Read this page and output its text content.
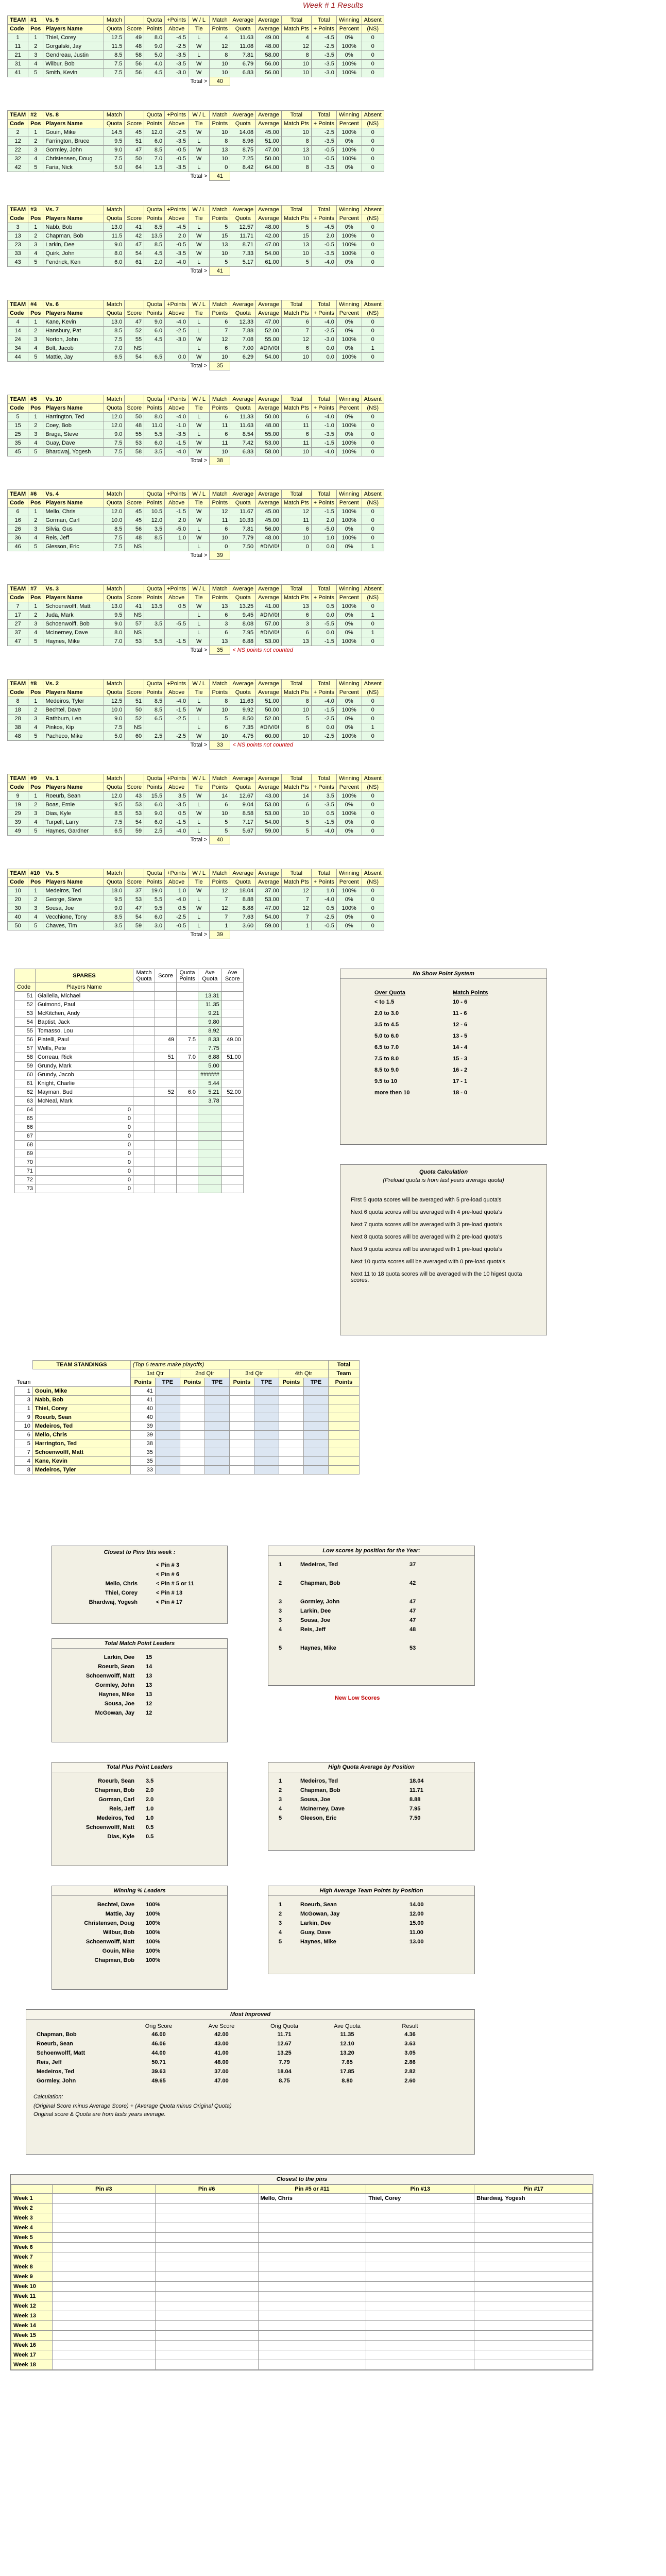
Week # 1 Results
TEAM	#1	Vs. 9	Match		Quota	+Points	W / L	Match	Average	Average	Total	Total	Winning	Absent
Code	Pos	Players Name	Quota	Score	Points	Above	Tie	Points	Quota	Average	Match Pts	+ Points	Percent	(NS)
1	1	Thiel, Corey	12.5	49	8.0	-4.5	L	4	11.63	49.00	4	-4.5	0%	0
11	2	Gorgalski, Jay	11.5	48	9.0	-2.5	W	12	11.08	48.00	12	-2.5	100%	0
21	3	Gendreau, Justin	8.5	58	5.0	-3.5	L	8	7.81	58.00	8	-3.5	0%	0
31	4	Wilbur, Bob	7.5	56	4.0	-3.5	W	10	6.79	56.00	10	-3.5	100%	0
41	5	Smith, Kevin	7.5	56	4.5	-3.0	W	10	6.83	56.00	10	-3.0	100%	0
							Total >	40						
TEAM	#2	Vs. 8	Match		Quota	+Points	W / L	Match	Average	Average	Total	Total	Winning	Absent
Code	Pos	Players Name	Quota	Score	Points	Above	Tie	Points	Quota	Average	Match Pts	+ Points	Percent	(NS)
2	1	Gouin, Mike	14.5	45	12.0	-2.5	W	10	14.08	45.00	10	-2.5	100%	0
12	2	Farrington, Bruce	9.5	51	6.0	-3.5	L	8	8.96	51.00	8	-3.5	0%	0
22	3	Gormley, John	9.0	47	8.5	-0.5	W	13	8.75	47.00	13	-0.5	100%	0
32	4	Christensen, Doug	7.5	50	7.0	-0.5	W	10	7.25	50.00	10	-0.5	100%	0
42	5	Faria, Nick	5.0	64	1.5	-3.5	L	0	8.42	64.00	8	-3.5	0%	0
							Total >	41						
TEAM	#3	Vs. 7	Match		Quota	+Points	W / L	Match	Average	Average	Total	Total	Winning	Absent
Code	Pos	Players Name	Quota	Score	Points	Above	Tie	Points	Quota	Average	Match Pts	+ Points	Percent	(NS)
3	1	Nabb, Bob	13.0	41	8.5	-4.5	L	5	12.57	48.00	5	-4.5	0%	0
13	2	Chapman, Bob	11.5	42	13.5	2.0	W	15	11.71	42.00	15	2.0	100%	0
23	3	Larkin, Dee	9.0	47	8.5	-0.5	W	13	8.71	47.00	13	-0.5	100%	0
33	4	Quirk, John	8.0	54	4.5	-3.5	W	10	7.33	54.00	10	-3.5	100%	0
43	5	Fendrick, Ken	6.0	61	2.0	-4.0	L	5	5.17	61.00	5	-4.0	0%	0
							Total >	41						
TEAM	#4	Vs. 6	Match		Quota	+Points	W / L	Match	Average	Average	Total	Total	Winning	Absent
Code	Pos	Players Name	Quota	Score	Points	Above	Tie	Points	Quota	Average	Match Pts	+ Points	Percent	(NS)
4	1	Kane, Kevin	13.0	47	9.0	-4.0	L	6	12.33	47.00	6	-4.0	0%	0
14	2	Hansbury, Pat	8.5	52	6.0	-2.5	L	7	7.88	52.00	7	-2.5	0%	0
24	3	Norton, John	7.5	55	4.5	-3.0	W	12	7.08	55.00	12	-3.0	100%	0
34	4	Bolt, Jacob	7.0	NS			L	6	7.00	#DIV/0!	6	0.0	0%	1
44	5	Mattie, Jay	6.5	54	6.5	0.0	W	10	6.29	54.00	10	0.0	100%	0
							Total >	35						
TEAM	#5	Vs. 10	Match		Quota	+Points	W / L	Match	Average	Average	Total	Total	Winning	Absent
Code	Pos	Players Name	Quota	Score	Points	Above	Tie	Points	Quota	Average	Match Pts	+ Points	Percent	(NS)
5	1	Harrington, Ted	12.0	50	8.0	-4.0	L	6	11.33	50.00	6	-4.0	0%	0
15	2	Coey, Bob	12.0	48	11.0	-1.0	W	11	11.63	48.00	11	-1.0	100%	0
25	3	Braga, Steve	9.0	55	5.5	-3.5	L	6	8.54	55.00	6	-3.5	0%	0
35	4	Guay, Dave	7.5	53	6.0	-1.5	W	11	7.42	53.00	11	-1.5	100%	0
45	5	Bhardwaj, Yogesh	7.5	58	3.5	-4.0	W	10	6.83	58.00	10	-4.0	100%	0
							Total >	38						
TEAM	#6	Vs. 4	Match		Quota	+Points	W / L	Match	Average	Average	Total	Total	Winning	Absent
Code	Pos	Players Name	Quota	Score	Points	Above	Tie	Points	Quota	Average	Match Pts	+ Points	Percent	(NS)
6	1	Mello, Chris	12.0	45	10.5	-1.5	W	12	11.67	45.00	12	-1.5	100%	0
16	2	Gorman, Carl	10.0	45	12.0	2.0	W	11	10.33	45.00	11	2.0	100%	0
26	3	Silvia, Gus	8.5	56	3.5	-5.0	L	6	7.81	56.00	6	-5.0	0%	0
36	4	Reis, Jeff	7.5	48	8.5	1.0	W	10	7.79	48.00	10	1.0	100%	0
46	5	Glesson, Eric	7.5	NS			L	0	7.50	#DIV/0!	0	0.0	0%	1
							Total >	39						
TEAM	#7	Vs. 3	Match		Quota	+Points	W / L	Match	Average	Average	Total	Total	Winning	Absent
Code	Pos	Players Name	Quota	Score	Points	Above	Tie	Points	Quota	Average	Match Pts	+ Points	Percent	(NS)
7	1	Schoenwolff, Matt	13.0	41	13.5	0.5	W	13	13.25	41.00	13	0.5	100%	0
17	2	Juda, Mark	9.5	NS			L	6	9.45	#DIV/0!	6	0.0	0%	1
27	3	Schoenwolff, Bob	9.0	57	3.5	-5.5	L	3	8.08	57.00	3	-5.5	0%	0
37	4	McInerney, Dave	8.0	NS			L	6	7.95	#DIV/0!	6	0.0	0%	1
47	5	Haynes, Mike	7.0	53	5.5	-1.5	W	13	6.88	53.00	13	-1.5	100%	0
							Total >	35	< NS points not counted					
TEAM	#8	Vs. 2	Match		Quota	+Points	W / L	Match	Average	Average	Total	Total	Winning	Absent
Code	Pos	Players Name	Quota	Score	Points	Above	Tie	Points	Quota	Average	Match Pts	+ Points	Percent	(NS)
8	1	Medeiros, Tyler	12.5	51	8.5	-4.0	L	8	11.63	51.00	8	-4.0	0%	0
18	2	Bechtel, Dave	10.0	50	8.5	-1.5	W	10	9.92	50.00	10	-1.5	100%	0
28	3	Rathburn, Len	9.0	52	6.5	-2.5	L	5	8.50	52.00	5	-2.5	0%	0
38	4	Pinkos, Kip	7.5	NS			L	6	7.35	#DIV/0!	6	0.0	0%	1
48	5	Pacheco, Mike	5.0	60	2.5	-2.5	W	10	4.75	60.00	10	-2.5	100%	0
							Total >	33	< NS points not counted					
TEAM	#9	Vs. 1	Match		Quota	+Points	W / L	Match	Average	Average	Total	Total	Winning	Absent
Code	Pos	Players Name	Quota	Score	Points	Above	Tie	Points	Quota	Average	Match Pts	+ Points	Percent	(NS)
9	1	Roeurb, Sean	12.0	43	15.5	3.5	W	14	12.67	43.00	14	3.5	100%	0
19	2	Boas, Ernie	9.5	53	6.0	-3.5	L	6	9.04	53.00	6	-3.5	0%	0
29	3	Dias, Kyle	8.5	53	9.0	0.5	W	10	8.58	53.00	10	0.5	100%	0
39	4	Turpell, Larry	7.5	54	6.0	-1.5	L	5	7.17	54.00	5	-1.5	0%	0
49	5	Haynes, Gardner	6.5	59	2.5	-4.0	L	5	5.67	59.00	5	-4.0	0%	0
							Total >	40						
TEAM	#10	Vs. 5	Match		Quota	+Points	W / L	Match	Average	Average	Total	Total	Winning	Absent
Code	Pos	Players Name	Quota	Score	Points	Above	Tie	Points	Quota	Average	Match Pts	+ Points	Percent	(NS)
10	1	Medeiros, Ted	18.0	37	19.0	1.0	W	12	18.04	37.00	12	1.0	100%	0
20	2	George, Steve	9.5	53	5.5	-4.0	L	7	8.88	53.00	7	-4.0	0%	0
30	3	Sousa, Joe	9.0	47	9.5	0.5	W	12	8.88	47.00	12	0.5	100%	0
40	4	Vecchione, Tony	8.5	54	6.0	-2.5	L	7	7.63	54.00	7	-2.5	0%	0
50	5	Chaves, Tim	3.5	59	3.0	-0.5	L	1	3.60	59.00	1	-0.5	0%	0
							Total >	39						
	SPARES	Match Quota	Score	Quota Points	Ave Quota	Ave Score
Code	Players Name					
51	Giallella, Michael				13.31	
52	Guimond, Paul				11.35	
53	McKitchen, Andy				9.21	
54	Baptist, Jack				9.80	
55	Tomasso, Lou				8.92	
56	Piatelli, Paul		49	7.5	8.33	49.00
57	Wells, Pete				7.75	
58	Correau, Rick		51	7.0	6.88	51.00
59	Grundy, Mark				5.00	
60	Grundy, Jacob				######	
61	Knight, Charlie				5.44	
62	Mayman, Bud		52	6.0	5.21	52.00
63	McNeal, Mark				3.78	
64	0					
65	0					
66	0					
67	0					
68	0					
69	0					
70	0					
71	0					
72	0					
73	0					
No Show Point System
Over Quota	Match Points
< to 1.5	10 - 6
2.0 to 3.0	11 - 6
3.5 to 4.5	12 - 6
5.0 to 6.0	13 - 5
6.5 to 7.0	14 - 4
7.5 to 8.0	15 - 3
8.5 to 9.0	16 - 2
9.5 to 10	17 - 1
more then 10	18 - 0
Quota Calculation
(Preload quota is from last years average quota)
First 5 quota scores will be averaged with 5 pre-load quota's
Next 6 quota scores will be averaged with 4 pre-load quota's
Next 7 quota scores will be averaged with 3 pre-load quota's
Next 8 quota scores will be averaged with 2 pre-load quota's
Next 9 quota scores will be averaged with 1 pre-load quota's
Next 10 quota scores will be averaged with 0 pre-load quota's
Next 11 to 18 quota scores will be averaged with the 10 higest quota scores.
	TEAM STANDINGS	(Top 6 teams make playoffs)								Total
		1st Qtr		2nd Qtr		3rd Qtr		4th Qtr		Team
Team		Points	TPE	Points	TPE	Points	TPE	Points	TPE	Points
1	Gouin, Mike	41								
3	Nabb, Bob	41								
1	Thiel, Corey	40								
9	Roeurb, Sean	40								
10	Medeiros, Ted	39								
6	Mello, Chris	39								
5	Harrington, Ted	38								
7	Schoenwolff, Matt	35								
4	Kane, Kevin	35								
8	Medeiros, Tyler	33								
Closest to Pins this week :
	< Pin # 3
	< Pin # 6
Mello, Chris	< Pin # 5 or 11
Thiel, Corey	< Pin # 13
Bhardwaj, Yogesh	< Pin # 17
Low scores by position for the Year:
1	Medeiros, Ted	37

2	Chapman, Bob	42

3	Gormley, John	47
3	Larkin, Dee	47
3	Sousa, Joe	47
4	Reis, Jeff	48

5	Haynes, Mike	53
Total Match Point Leaders
Larkin, Dee	15
Roeurb, Sean	14
Schoenwolff, Matt	13
Gormley, John	13
Haynes, Mike	13
Sousa, Joe	12
McGowan, Jay	12
New Low Scores
Total Plus Point Leaders
Roeurb, Sean	3.5
Chapman, Bob	2.0
Gorman, Carl	2.0
Reis, Jeff	1.0
Medeiros, Ted	1.0
Schoenwolff, Matt	0.5
Dias, Kyle	0.5
High Quota Average by Position
1	Medeiros, Ted	18.04
2	Chapman, Bob	11.71
3	Sousa, Joe	8.88
4	McInerney, Dave	7.95
5	Gleeson, Eric	7.50
Winning % Leaders
Bechtel, Dave	100%
Mattie, Jay	100%
Christensen, Doug	100%
Wilbur, Bob	100%
Schoenwolff, Matt	100%
Gouin, Mike	100%
Chapman, Bob	100%
High Average Team Points by Position
1	Roeurb, Sean	14.00
2	McGowan, Jay	12.00
3	Larkin, Dee	15.00
4	Guay, Dave	11.00
5	Haynes, Mike	13.00
Most Improved
	Orig Score	Ave Score	Orig Quota	Ave Quota	Result
Chapman, Bob	46.00	42.00	11.71	11.35	4.36
Roeurb, Sean	46.06	43.00	12.67	12.10	3.63
Schoenwolff, Matt	44.00	41.00	13.25	13.20	3.05
Reis, Jeff	50.71	48.00	7.79	7.65	2.86
Medeiros, Ted	39.63	37.00	18.04	17.85	2.82
Gormley, John	49.65	47.00	8.75	8.80	2.60
Calculation:
(Original Score minus Average Score) + (Average Quota minus Original Quota)
Original score & Quota are from lasts years average.
Closest to the pins
	Pin #3	Pin #6	Pin #5 or #11	Pin #13	Pin #17
Week 1			Mello, Chris	Thiel, Corey	Bhardwaj, Yogesh
Week 2					
Week 3					
Week 4					
Week 5					
Week 6					
Week 7					
Week 8					
Week 9					
Week 10					
Week 11					
Week 12					
Week 13					
Week 14					
Week 15					
Week 16					
Week 17					
Week 18					
